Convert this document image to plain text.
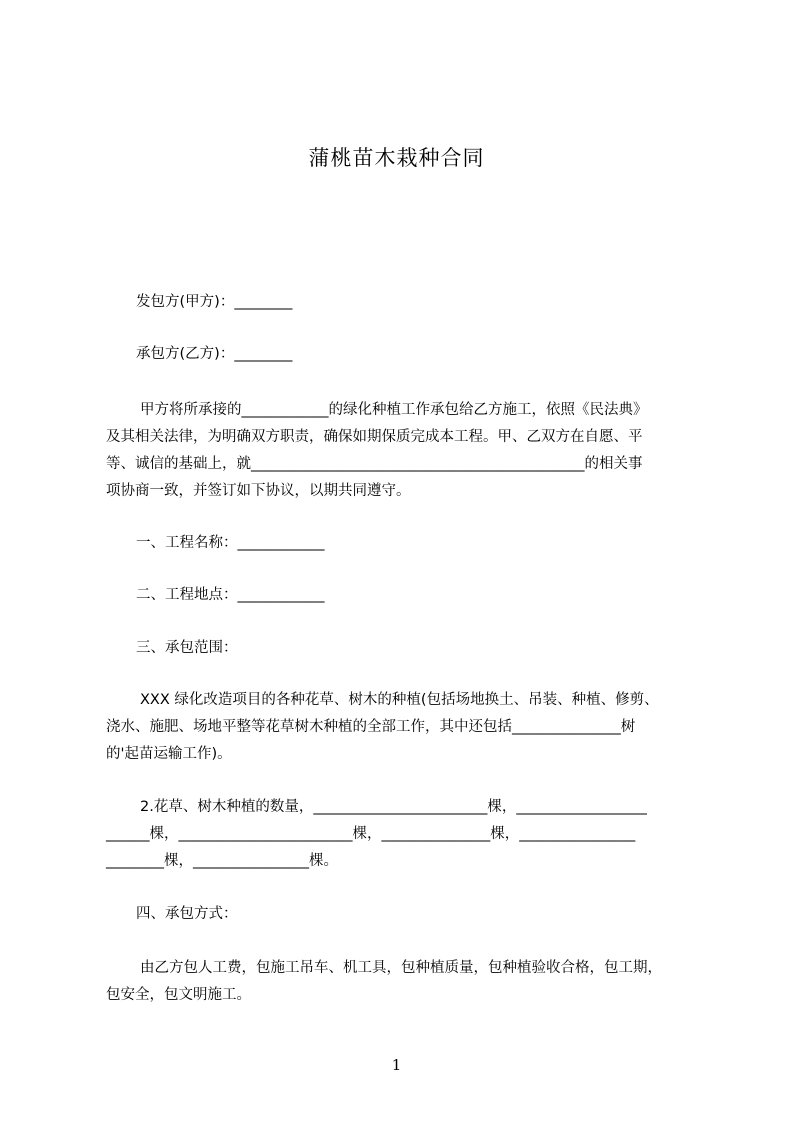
蒲桃苗木栽种合同
发包方(甲方)：________
承包方(乙方)：________
甲方将所承接的____________的绿化种植工作承包给乙方施工，依照《民法典》
及其相关法律，为明确双方职责，确保如期保质完成本工程。甲、乙双方在自愿、平
等、诚信的基础上，就______________________________________________的相关事
项协商一致，并签订如下协议，以期共同遵守。
一、工程名称：____________
二、工程地点：____________
三、承包范围：
XXX 绿化改造项目的各种花草、树木的种植(包括场地换土、吊装、种植、修剪、
浇水、施肥、场地平整等花草树木种植的全部工作，其中还包括_______________树
的'起苗运输工作)。
2.花草、树木种植的数量，________________________棵，__________________
______棵，________________________棵，_______________棵，________________
________棵，________________棵。
四、承包方式：
由乙方包人工费，包施工吊车、机工具，包种植质量，包种植验收合格，包工期，
包安全，包文明施工。
1
